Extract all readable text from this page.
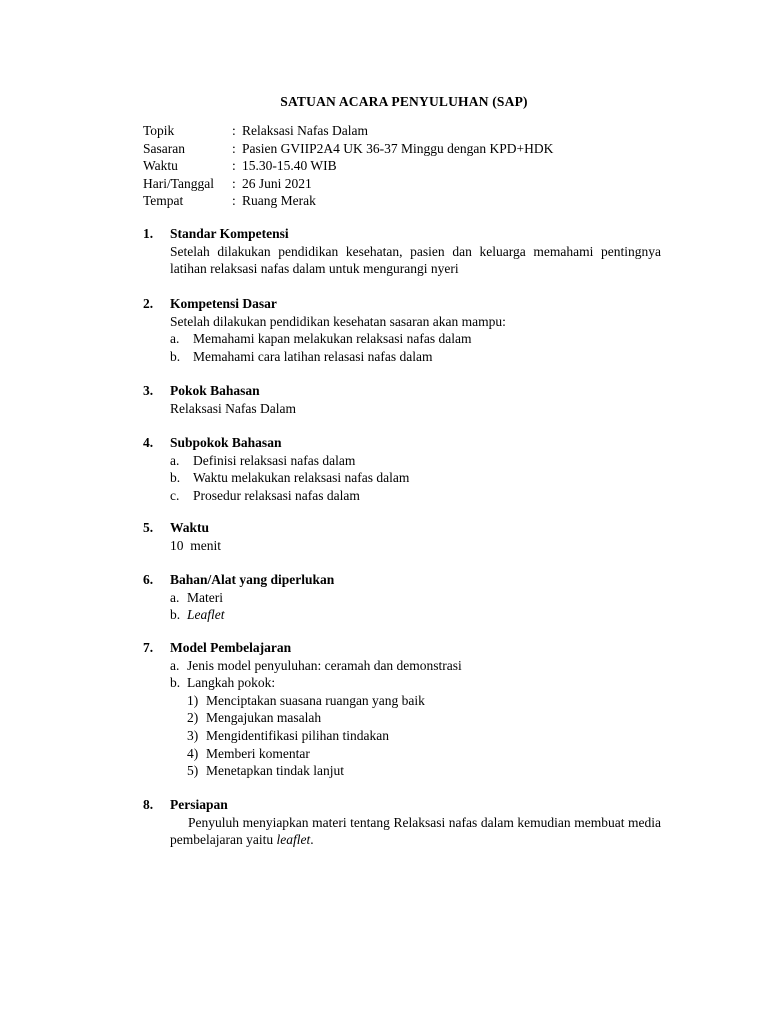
SATUAN ACARA PENYULUHAN (SAP)
Topik	: Relaksasi Nafas Dalam
Sasaran	: Pasien GVIIP2A4 UK 36-37 Minggu dengan KPD+HDK
Waktu	: 15.30-15.40 WIB
Hari/Tanggal : 26 Juni 2021
Tempat	: Ruang Merak
1. Standar Kompetensi
Setelah dilakukan pendidikan kesehatan, pasien dan keluarga memahami pentingnya latihan relaksasi nafas dalam untuk mengurangi nyeri
2. Kompetensi Dasar
Setelah dilakukan pendidikan kesehatan sasaran akan mampu:
a. Memahami kapan melakukan relaksasi nafas dalam
b. Memahami cara latihan relasasi nafas dalam
3. Pokok Bahasan
Relaksasi Nafas Dalam
4. Subpokok Bahasan
a. Definisi relaksasi nafas dalam
b. Waktu melakukan relaksasi nafas dalam
c. Prosedur relaksasi nafas dalam
5. Waktu
10  menit
6. Bahan/Alat yang diperlukan
a. Materi
b. Leaflet
7. Model Pembelajaran
a. Jenis model penyuluhan: ceramah dan demonstrasi
b. Langkah pokok:
1) Menciptakan suasana ruangan yang baik
2) Mengajukan masalah
3) Mengidentifikasi pilihan tindakan
4) Memberi komentar
5) Menetapkan tindak lanjut
8. Persiapan
Penyuluh menyiapkan materi tentang Relaksasi nafas dalam kemudian membuat media pembelajaran yaitu leaflet.
